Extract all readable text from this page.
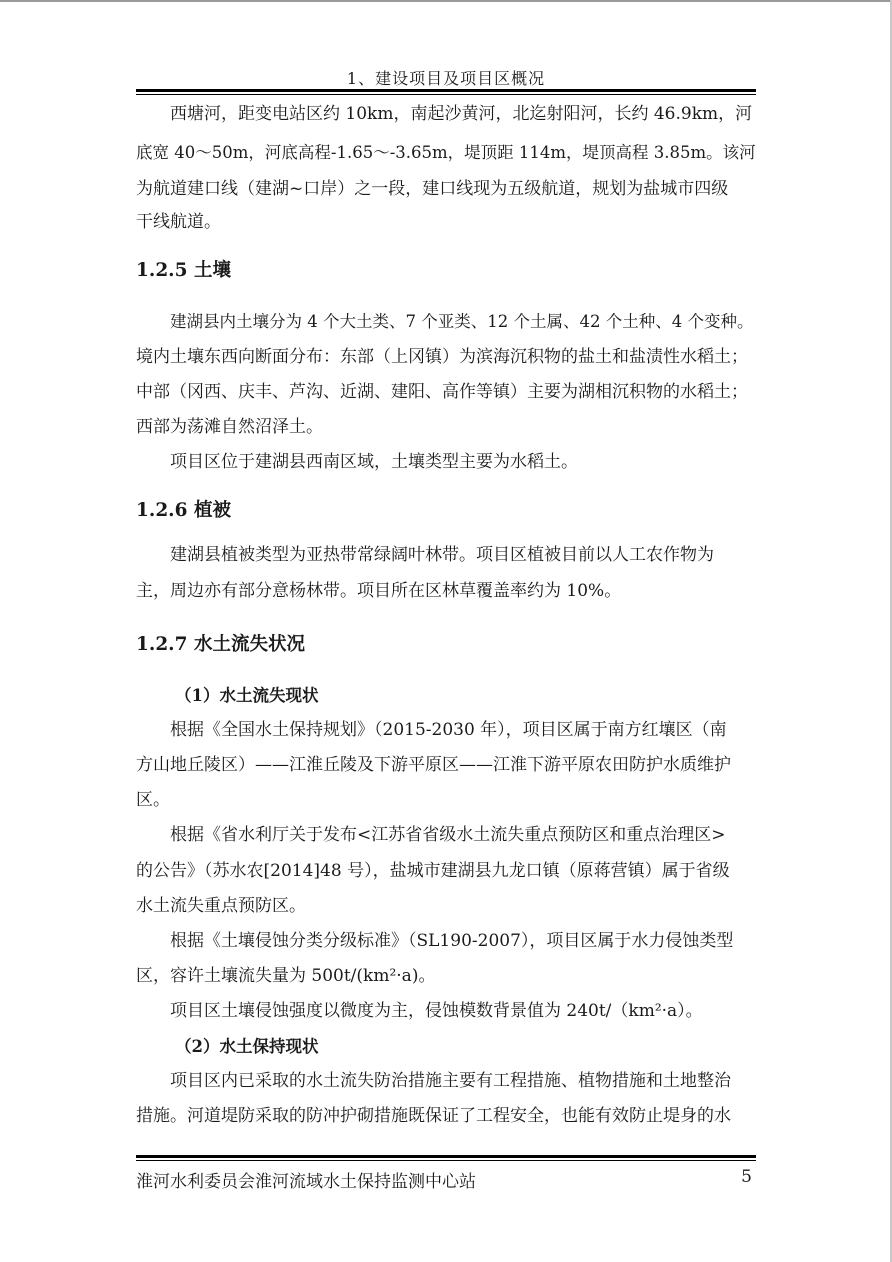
1、建设项目及项目区概况
西塘河，距变电站区约 10km，南起沙黄河，北迄射阳河，长约 46.9km，河
底宽 40～50m，河底高程-1.65～-3.65m，堤顶距 114m，堤顶高程 3.85m。该河
为航道建口线（建湖~口岸）之一段，建口线现为五级航道，规划为盐城市四级
干线航道。
1.2.5 土壤
建湖县内土壤分为 4 个大土类、7 个亚类、12 个土属、42 个土种、4 个变种。
境内土壤东西向断面分布：东部（上冈镇）为滨海沉积物的盐土和盐渍性水稻土；
中部（冈西、庆丰、芦沟、近湖、建阳、高作等镇）主要为湖相沉积物的水稻土；
西部为荡滩自然沼泽土。
项目区位于建湖县西南区域，土壤类型主要为水稻土。
1.2.6 植被
建湖县植被类型为亚热带常绿阔叶林带。项目区植被目前以人工农作物为
主，周边亦有部分意杨林带。项目所在区林草覆盖率约为 10%。
1.2.7 水土流失状况
（1）水土流失现状
根据《全国水土保持规划》（2015-2030 年），项目区属于南方红壤区（南
方山地丘陵区）——江淮丘陵及下游平原区——江淮下游平原农田防护水质维护
区。
根据《省水利厅关于发布<江苏省省级水土流失重点预防区和重点治理区>
的公告》（苏水农[2014]48 号），盐城市建湖县九龙口镇（原蒋营镇）属于省级
水土流失重点预防区。
根据《土壤侵蚀分类分级标准》（SL190-2007），项目区属于水力侵蚀类型
区，容许土壤流失量为 500t/(km²·a)。
项目区土壤侵蚀强度以微度为主，侵蚀模数背景值为 240t/（km²·a）。
（2）水土保持现状
项目区内已采取的水土流失防治措施主要有工程措施、植物措施和土地整治
措施。河道堤防采取的防冲护砌措施既保证了工程安全，也能有效防止堤身的水
淮河水利委员会淮河流域水土保持监测中心站	5
